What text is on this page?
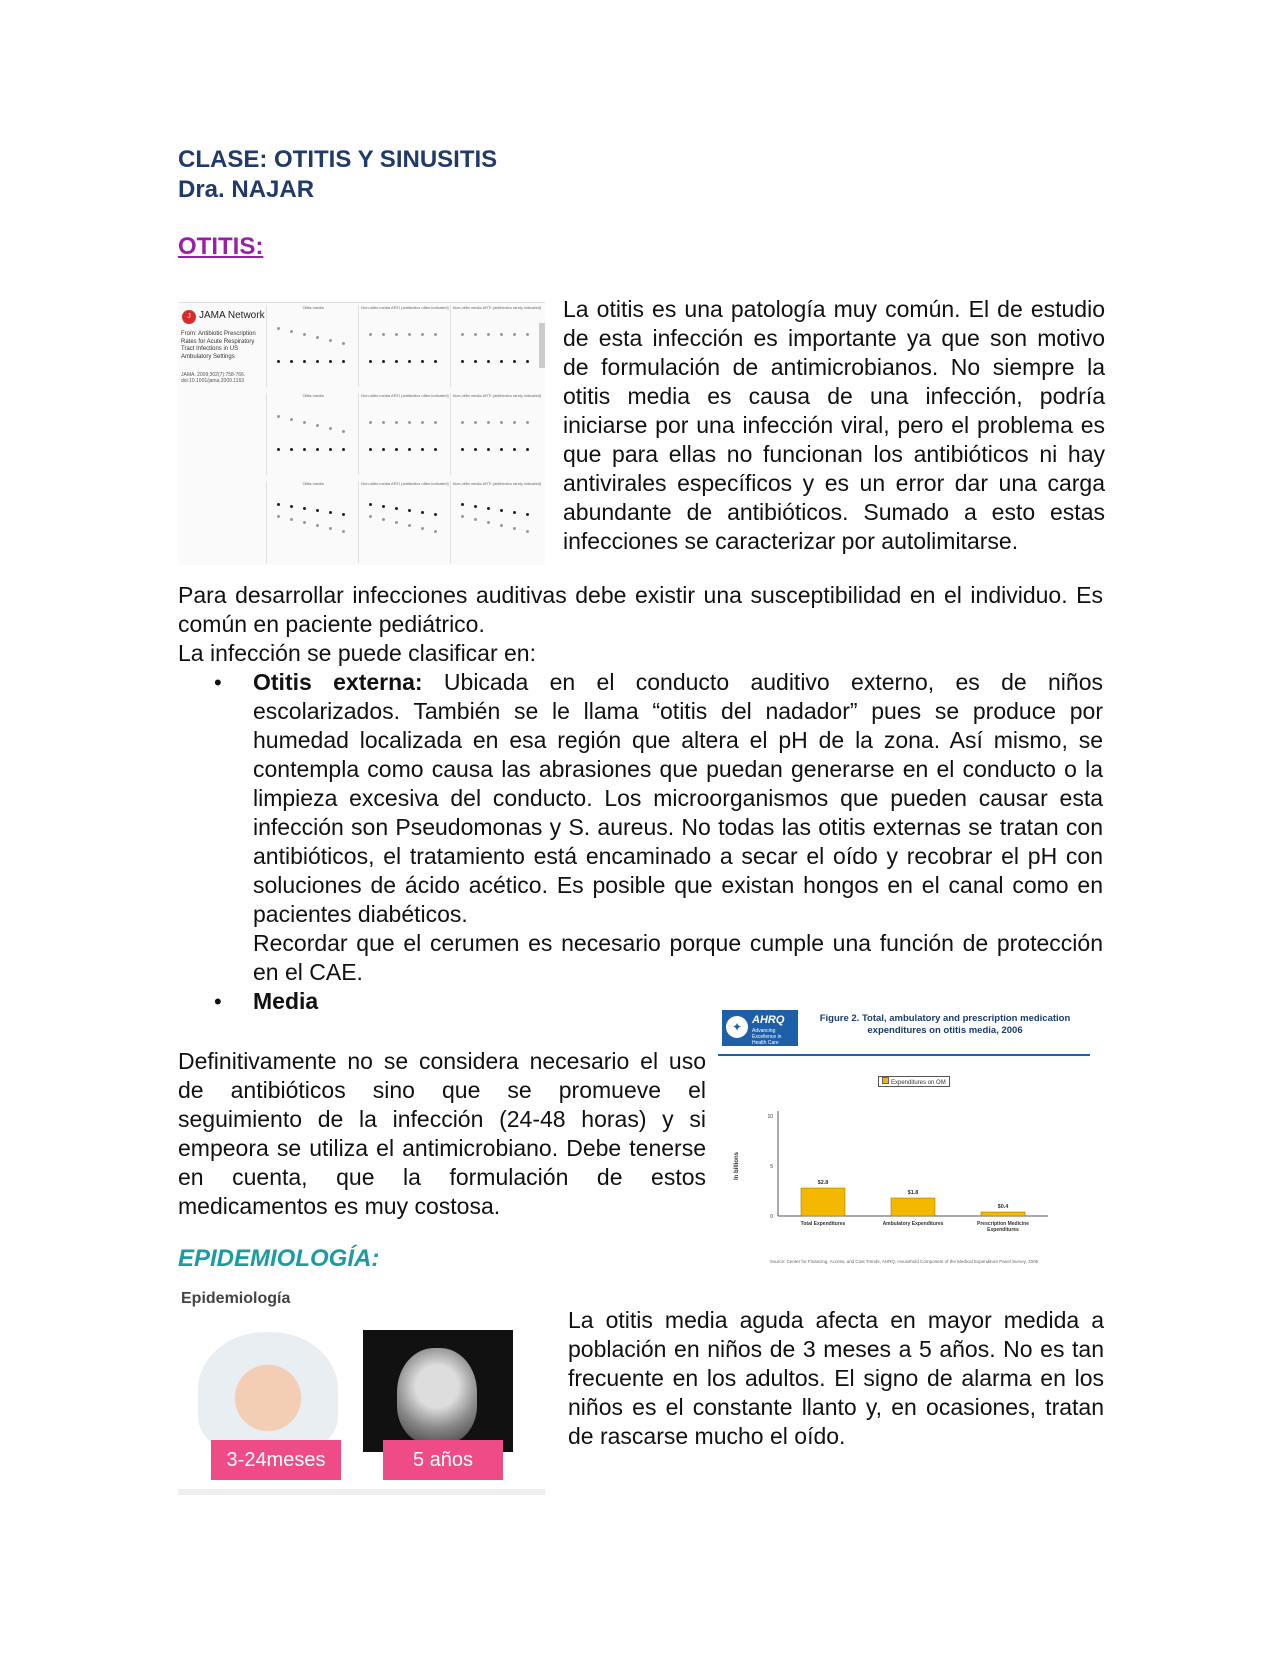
CLASE: OTITIS Y SINUSITIS
Dra. NAJAR
OTITIS:
J JAMA Network
From: Antibiotic Prescription Rates for Acute Respiratory Tract Infections in US Ambulatory Settings
JAMA. 2009;302(7):758-766. doi:10.1001/jama.2009.1163
Otitis media	Non-otitis media ARTI (antibiotics often indicated) Non-otitis media ARTI (antibiotics rarely indicated)
Otitis media	Non-otitis media ARTI (antibiotics often indicated) Non-otitis media ARTI (antibiotics rarely indicated)
Otitis media	Non-otitis media ARTI (antibiotics often indicated) Non-otitis media ARTI (antibiotics rarely indicated)
La otitis es una patología muy común. El de estudio de esta infección es importante ya que son motivo de formulación de antimicrobianos. No siempre la otitis media es causa de una infección, podría iniciarse por una infección viral, pero el problema es que para ellas no funcionan los antibióticos ni hay antivirales específicos y es un error dar una carga abundante de antibióticos. Sumado a esto estas infecciones se caracterizar por autolimitarse.
Para desarrollar infecciones auditivas debe existir una susceptibilidad en el individuo. Es común en paciente pediátrico.
La infección se puede clasificar en:
• Otitis externa: Ubicada en el conducto auditivo externo, es de niños escolarizados. También se le llama “otitis del nadador” pues se produce por humedad localizada en esa región que altera el pH de la zona. Así mismo, se contempla como causa las abrasiones que puedan generarse en el conducto o la limpieza excesiva del conducto. Los microorganismos que pueden causar esta infección son Pseudomonas y S. aureus. No todas las otitis externas se tratan con antibióticos, el tratamiento está encaminado a secar el oído y recobrar el pH con soluciones de ácido acético. Es posible que existan hongos en el canal como en pacientes diabéticos.
Recordar que el cerumen es necesario porque cumple una función de protección en el CAE.
• Media
Definitivamente no se considera necesario el uso de antibióticos sino que se promueve el seguimiento de la infección (24-48 horas) y si empeora se utiliza el antimicrobiano. Debe tenerse en cuenta, que la formulación de estos medicamentos es muy costosa.
✦ AHRQ
Advancing Excellence in Health Care
Figure 2. Total, ambulatory and prescription medication expenditures on otitis media, 2006
Expenditures on OM
In billions
0
5
10
$2.8
Total Expenditures
$1.8
Ambulatory Expenditures
$0.4
Prescription Medicine
Expenditures
Source: Center for Financing, Access, and Cost Trends, AHRQ, Household Component of the Medical Expenditure Panel Survey, 2006
EPIDEMIOLOGÍA:
Epidemiología
3-24meses	5 años
La otitis media aguda afecta en mayor medida a población en niños de 3 meses a 5 años. No es tan frecuente en los adultos. El signo de alarma en los niños es el constante llanto y, en ocasiones, tratan de rascarse mucho el oído.
